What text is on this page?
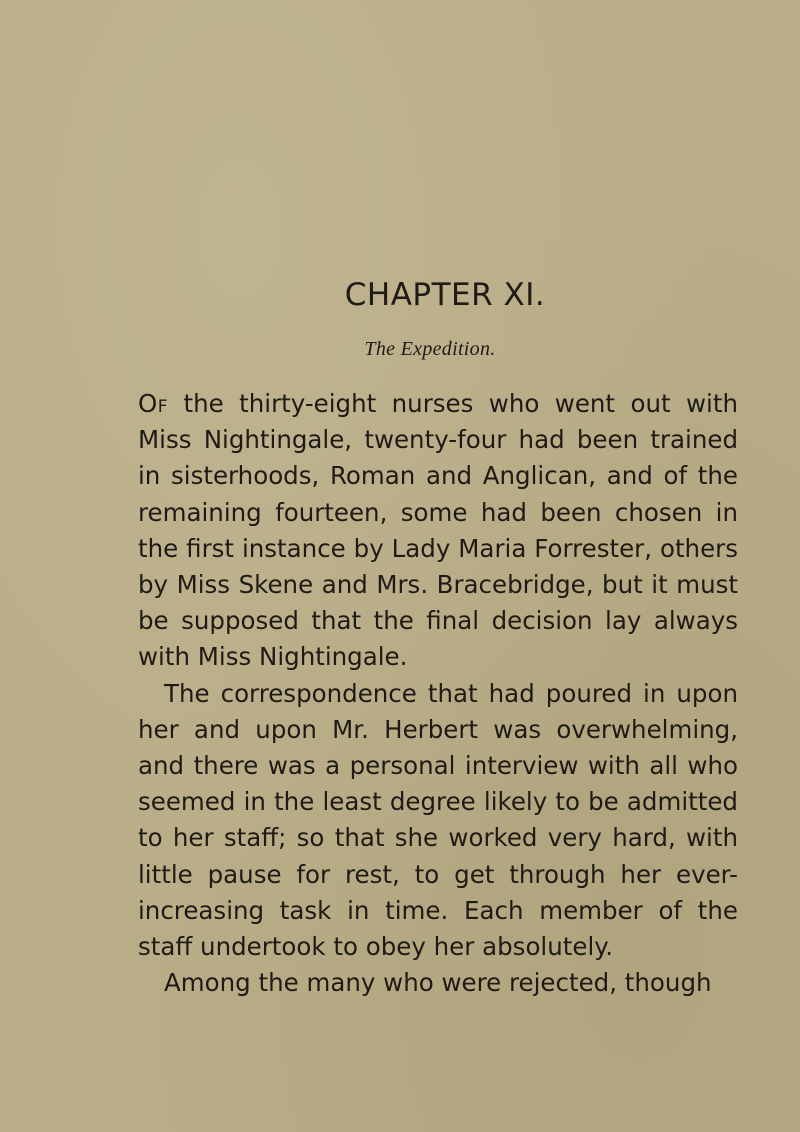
CHAPTER XI.
The Expedition.

Of the thirty-eight nurses who went out with Miss Nightingale, twenty-four had been trained in sisterhoods, Roman and Anglican, and of the remaining fourteen, some had been chosen in the first instance by Lady Maria Forrester, others by Miss Skene and Mrs. Bracebridge, but it must be supposed that the final decision lay always with Miss Nightingale.

The correspondence that had poured in upon her and upon Mr. Herbert was overwhelming, and there was a personal interview with all who seemed in the least degree likely to be admitted to her staff; so that she worked very hard, with little pause for rest, to get through her ever-increasing task in time. Each member of the staff undertook to obey her absolutely.

Among the many who were rejected, though
